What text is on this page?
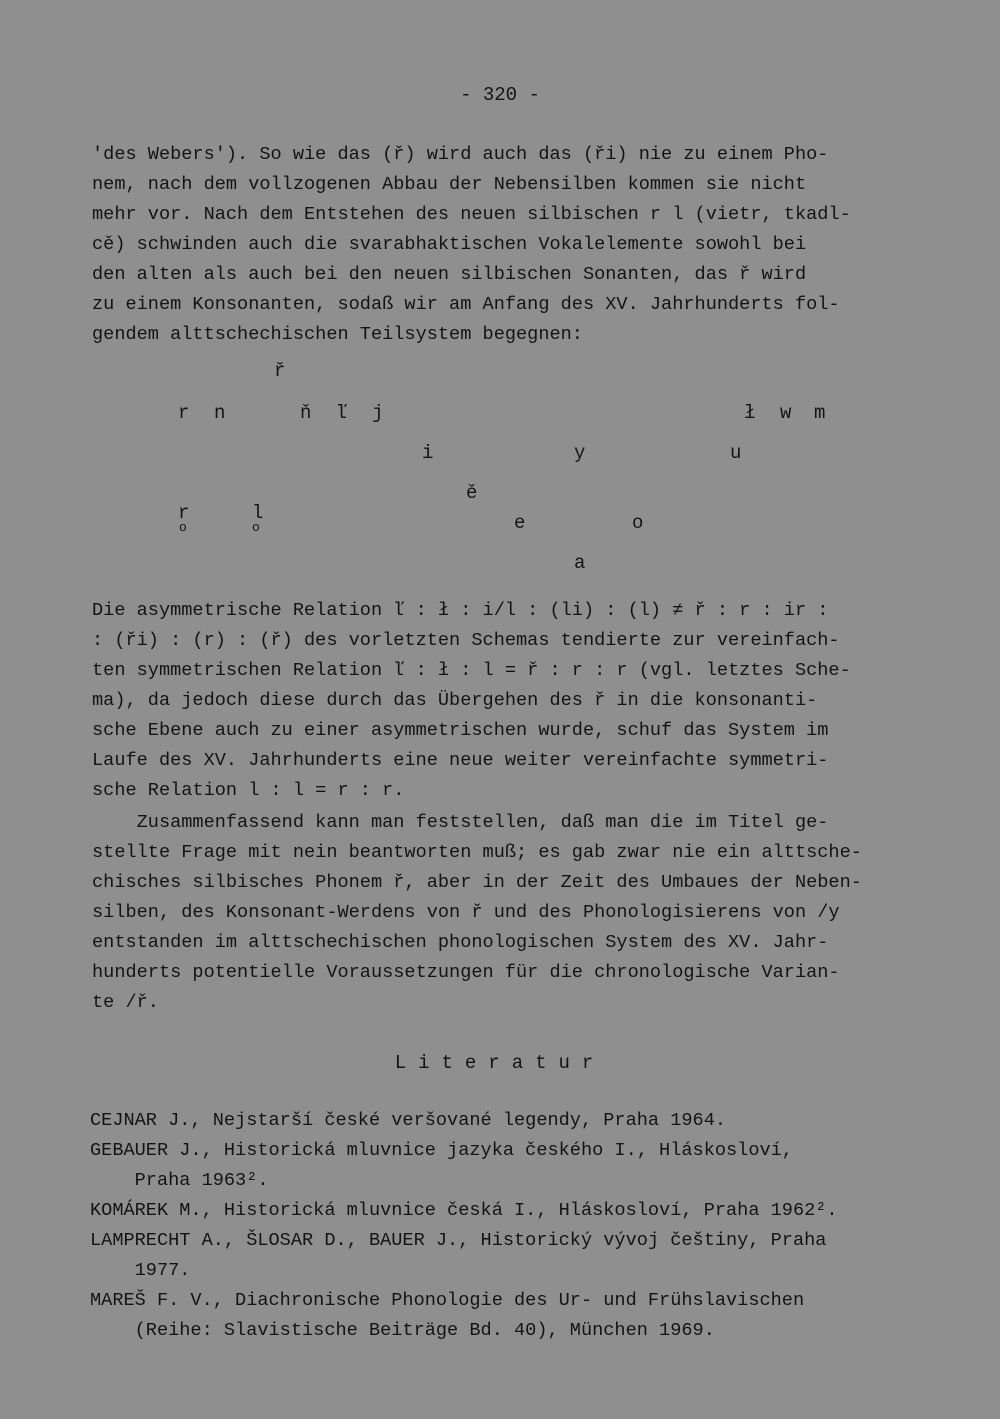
- 320 -
'des Webers'). So wie das (ř) wird auch das (ři) nie zu einem Pho-
nem, nach dem vollzogenen Abbau der Nebensilben kommen sie nicht
mehr vor. Nach dem Entstehen des neuen silbischen r l (vietr, tkadl-
cě) schwinden auch die svarabhaktischen Vokalelemente sowohl bei
den alten als auch bei den neuen silbischen Sonanten, das ř wird
zu einem Konsonanten, sodaß wir am Anfang des XV. Jahrhunderts fol-
gendem alttschechischen Teilsystem begegnen:
ř
r n	ň ľ j	ł w m
i	y	u
ě
r
o
l
o	e	o
a
Die asymmetrische Relation ľ : ł : i/l : (li) : (l) ≠ ř : r : ir :
: (ři) : (r) : (ř) des vorletzten Schemas tendierte zur vereinfach-
ten symmetrischen Relation ľ : ł : l = ř : r : r (vgl. letztes Sche-
ma), da jedoch diese durch das Übergehen des ř in die konsonanti-
sche Ebene auch zu einer asymmetrischen wurde, schuf das System im
Laufe des XV. Jahrhunderts eine neue weiter vereinfachte symmetri-
sche Relation l : l = r : r.
Zusammenfassend kann man feststellen, daß man die im Titel ge-
stellte Frage mit nein beantworten muß; es gab zwar nie ein alttsche-
chisches silbisches Phonem ř, aber in der Zeit des Umbaues der Neben-
silben, des Konsonant-Werdens von ř und des Phonologisierens von /y
entstanden im alttschechischen phonologischen System des XV. Jahr-
hunderts potentielle Voraussetzungen für die chronologische Varian-
te /ř.
Literatur
CEJNAR J., Nejstarší české veršované legendy, Praha 1964.
GEBAUER J., Historická mluvnice jazyka českého I., Hláskosloví,
Praha 1963².
KOMÁREK M., Historická mluvnice česká I., Hláskosloví, Praha 1962².
LAMPRECHT A., ŠLOSAR D., BAUER J., Historický vývoj češtiny, Praha
1977.
MAREŠ F. V., Diachronische Phonologie des Ur- und Frühslavischen
(Reihe: Slavistische Beiträge Bd. 40), München 1969.
